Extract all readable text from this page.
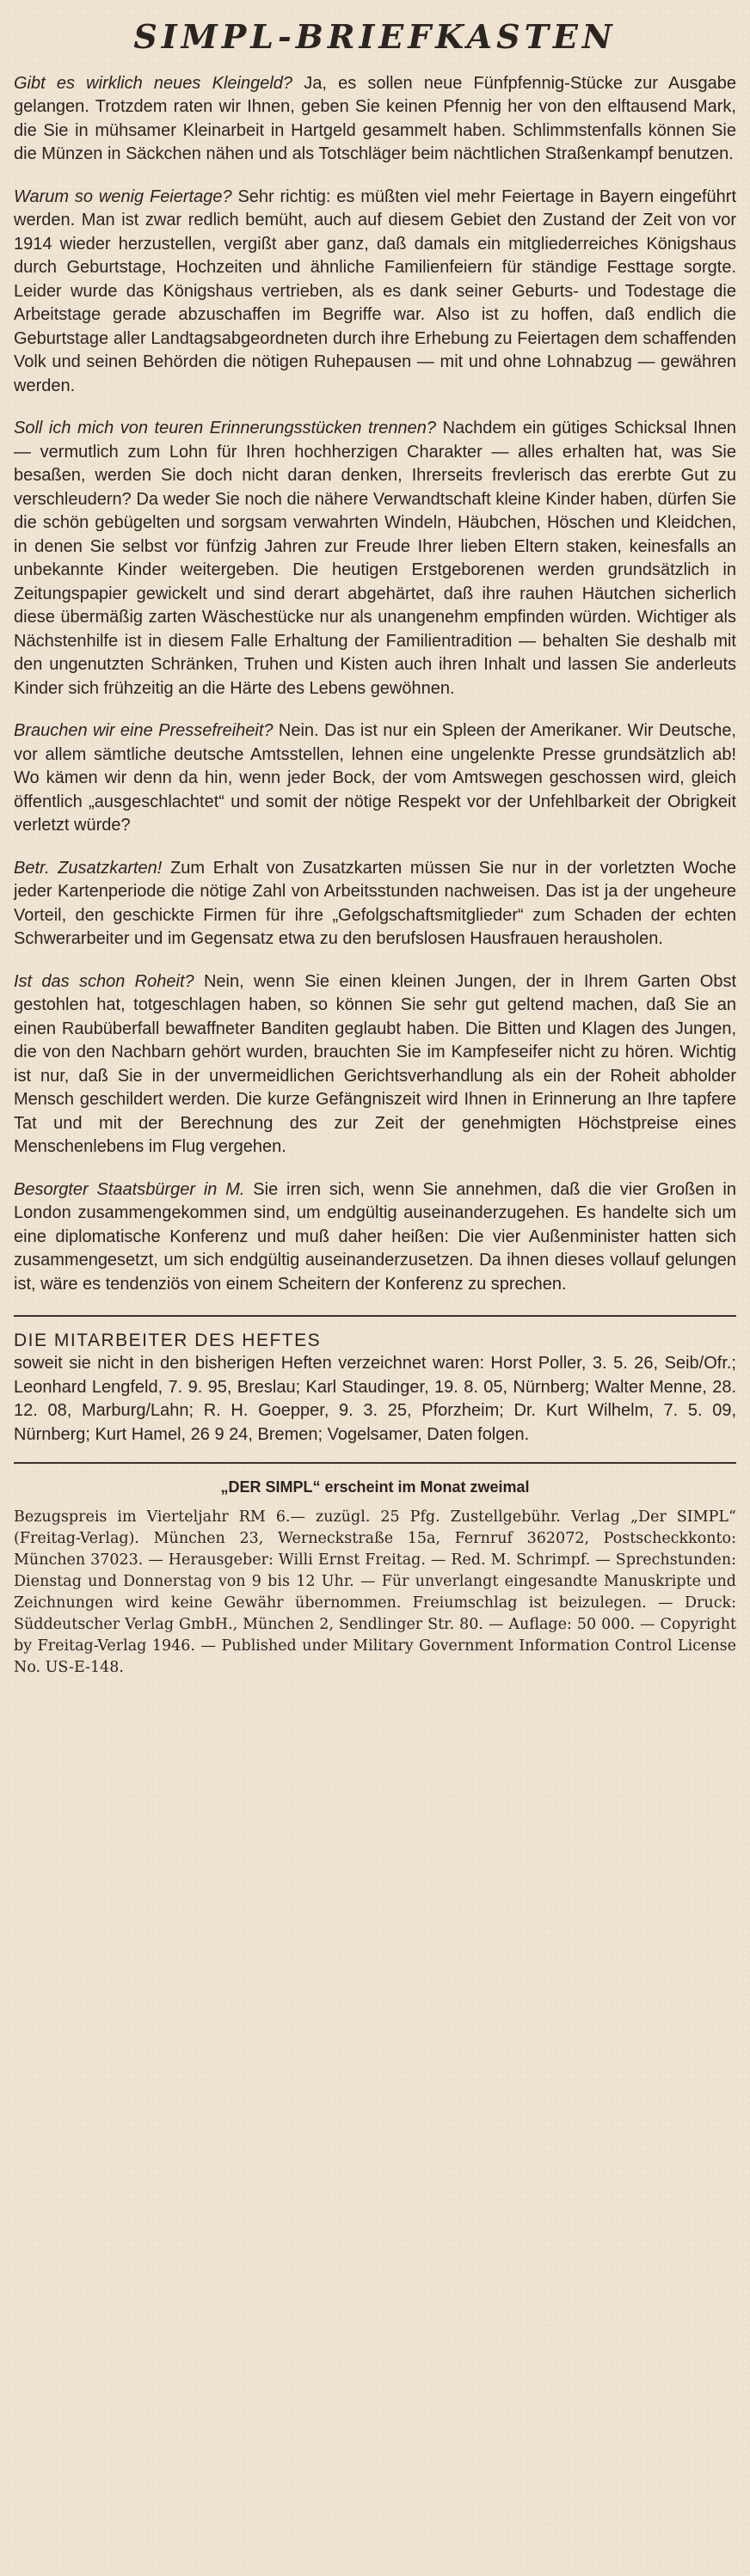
SIMPL-BRIEFKASTEN

Gibt es wirklich neues Kleingeld? Ja, es sollen neue Fünfpfennig-Stücke zur Ausgabe gelangen. Trotzdem raten wir Ihnen, geben Sie keinen Pfennig her von den elftausend Mark, die Sie in mühsamer Kleinarbeit in Hartgeld gesammelt haben. Schlimmstenfalls können Sie die Münzen in Säckchen nähen und als Totschläger beim nächtlichen Straßenkampf benutzen.

Warum so wenig Feiertage? Sehr richtig: es müßten viel mehr Feiertage in Bayern eingeführt werden. Man ist zwar redlich bemüht, auch auf diesem Gebiet den Zustand der Zeit von vor 1914 wieder herzustellen, vergißt aber ganz, daß damals ein mitgliederreiches Königshaus durch Geburtstage, Hochzeiten und ähnliche Familienfeiern für ständige Festtage sorgte. Leider wurde das Königshaus vertrieben, als es dank seiner Geburts- und Todestage die Arbeitstage gerade abzuschaffen im Begriffe war. Also ist zu hoffen, daß endlich die Geburtstage aller Landtagsabgeordneten durch ihre Erhebung zu Feiertagen dem schaffenden Volk und seinen Behörden die nötigen Ruhepausen — mit und ohne Lohnabzug — gewähren werden.

Soll ich mich von teuren Erinnerungsstücken trennen? Nachdem ein gütiges Schicksal Ihnen — vermutlich zum Lohn für Ihren hochherzigen Charakter — alles erhalten hat, was Sie besaßen, werden Sie doch nicht daran denken, Ihrerseits frevlerisch das ererbte Gut zu verschleudern? Da weder Sie noch die nähere Verwandtschaft kleine Kinder haben, dürfen Sie die schön gebügelten und sorgsam verwahrten Windeln, Häubchen, Höschen und Kleidchen, in denen Sie selbst vor fünfzig Jahren zur Freude Ihrer lieben Eltern staken, keinesfalls an unbekannte Kinder weitergeben. Die heutigen Erstgeborenen werden grundsätzlich in Zeitungspapier gewickelt und sind derart abgehärtet, daß ihre rauhen Häutchen sicherlich diese übermäßig zarten Wäschestücke nur als unangenehm empfinden würden. Wichtiger als Nächstenhilfe ist in diesem Falle Erhaltung der Familientradition — behalten Sie deshalb mit den ungenutzten Schränken, Truhen und Kisten auch ihren Inhalt und lassen Sie anderleuts Kinder sich frühzeitig an die Härte des Lebens gewöhnen.

Brauchen wir eine Pressefreiheit? Nein. Das ist nur ein Spleen der Amerikaner. Wir Deutsche, vor allem sämtliche deutsche Amtsstellen, lehnen eine ungelenkte Presse grundsätzlich ab! Wo kämen wir denn da hin, wenn jeder Bock, der vom Amtswegen geschossen wird, gleich öffentlich „ausgeschlachtet“ und somit der nötige Respekt vor der Unfehlbarkeit der Obrigkeit verletzt würde?

Betr. Zusatzkarten! Zum Erhalt von Zusatzkarten müssen Sie nur in der vorletzten Woche jeder Kartenperiode die nötige Zahl von Arbeitsstunden nachweisen. Das ist ja der ungeheure Vorteil, den geschickte Firmen für ihre „Gefolgschaftsmitglieder“ zum Schaden der echten Schwerarbeiter und im Gegensatz etwa zu den berufslosen Hausfrauen herausholen.

Ist das schon Roheit? Nein, wenn Sie einen kleinen Jungen, der in Ihrem Garten Obst gestohlen hat, totgeschlagen haben, so können Sie sehr gut geltend machen, daß Sie an einen Raubüberfall bewaffneter Banditen geglaubt haben. Die Bitten und Klagen des Jungen, die von den Nachbarn gehört wurden, brauchten Sie im Kampfeseifer nicht zu hören. Wichtig ist nur, daß Sie in der unvermeidlichen Gerichtsverhandlung als ein der Roheit abholder Mensch geschildert werden. Die kurze Gefängniszeit wird Ihnen in Erinnerung an Ihre tapfere Tat und mit der Berechnung des zur Zeit der genehmigten Höchstpreise eines Menschenlebens im Flug vergehen.

Besorgter Staatsbürger in M. Sie irren sich, wenn Sie annehmen, daß die vier Großen in London zusammengekommen sind, um endgültig auseinanderzugehen. Es handelte sich um eine diplomatische Konferenz und muß daher heißen: Die vier Außenminister hatten sich zusammengesetzt, um sich endgültig auseinanderzusetzen. Da ihnen dieses vollauf gelungen ist, wäre es tendenziös von einem Scheitern der Konferenz zu sprechen.

DIE MITARBEITER DES HEFTES

soweit sie nicht in den bisherigen Heften verzeichnet waren: Horst Poller, 3. 5. 26, Seib/Ofr.; Leonhard Lengfeld, 7. 9. 95, Breslau; Karl Staudinger, 19. 8. 05, Nürnberg; Walter Menne, 28. 12. 08, Marburg/Lahn; R. H. Goepper, 9. 3. 25, Pforzheim; Dr. Kurt Wilhelm, 7. 5. 09, Nürnberg; Kurt Hamel, 26 9 24, Bremen; Vogelsamer, Daten folgen.

„DER SIMPL“ erscheint im Monat zweimal

Bezugspreis im Vierteljahr RM 6.— zuzügl. 25 Pfg. Zustellgebühr. Verlag „Der SIMPL“ (Freitag-Verlag). München 23, Werneckstraße 15a, Fernruf 362072, Postscheckkonto: München 37023. — Herausgeber: Willi Ernst Freitag. — Red. M. Schrimpf. — Sprechstunden: Dienstag und Donnerstag von 9 bis 12 Uhr. — Für unverlangt eingesandte Manuskripte und Zeichnungen wird keine Gewähr übernommen. Freiumschlag ist beizulegen. — Druck: Süddeutscher Verlag GmbH., München 2, Sendlinger Str. 80. — Auflage: 50 000. — Copyright by Freitag-Verlag 1946. — Published under Military Government Information Control License No. US-E-148.
